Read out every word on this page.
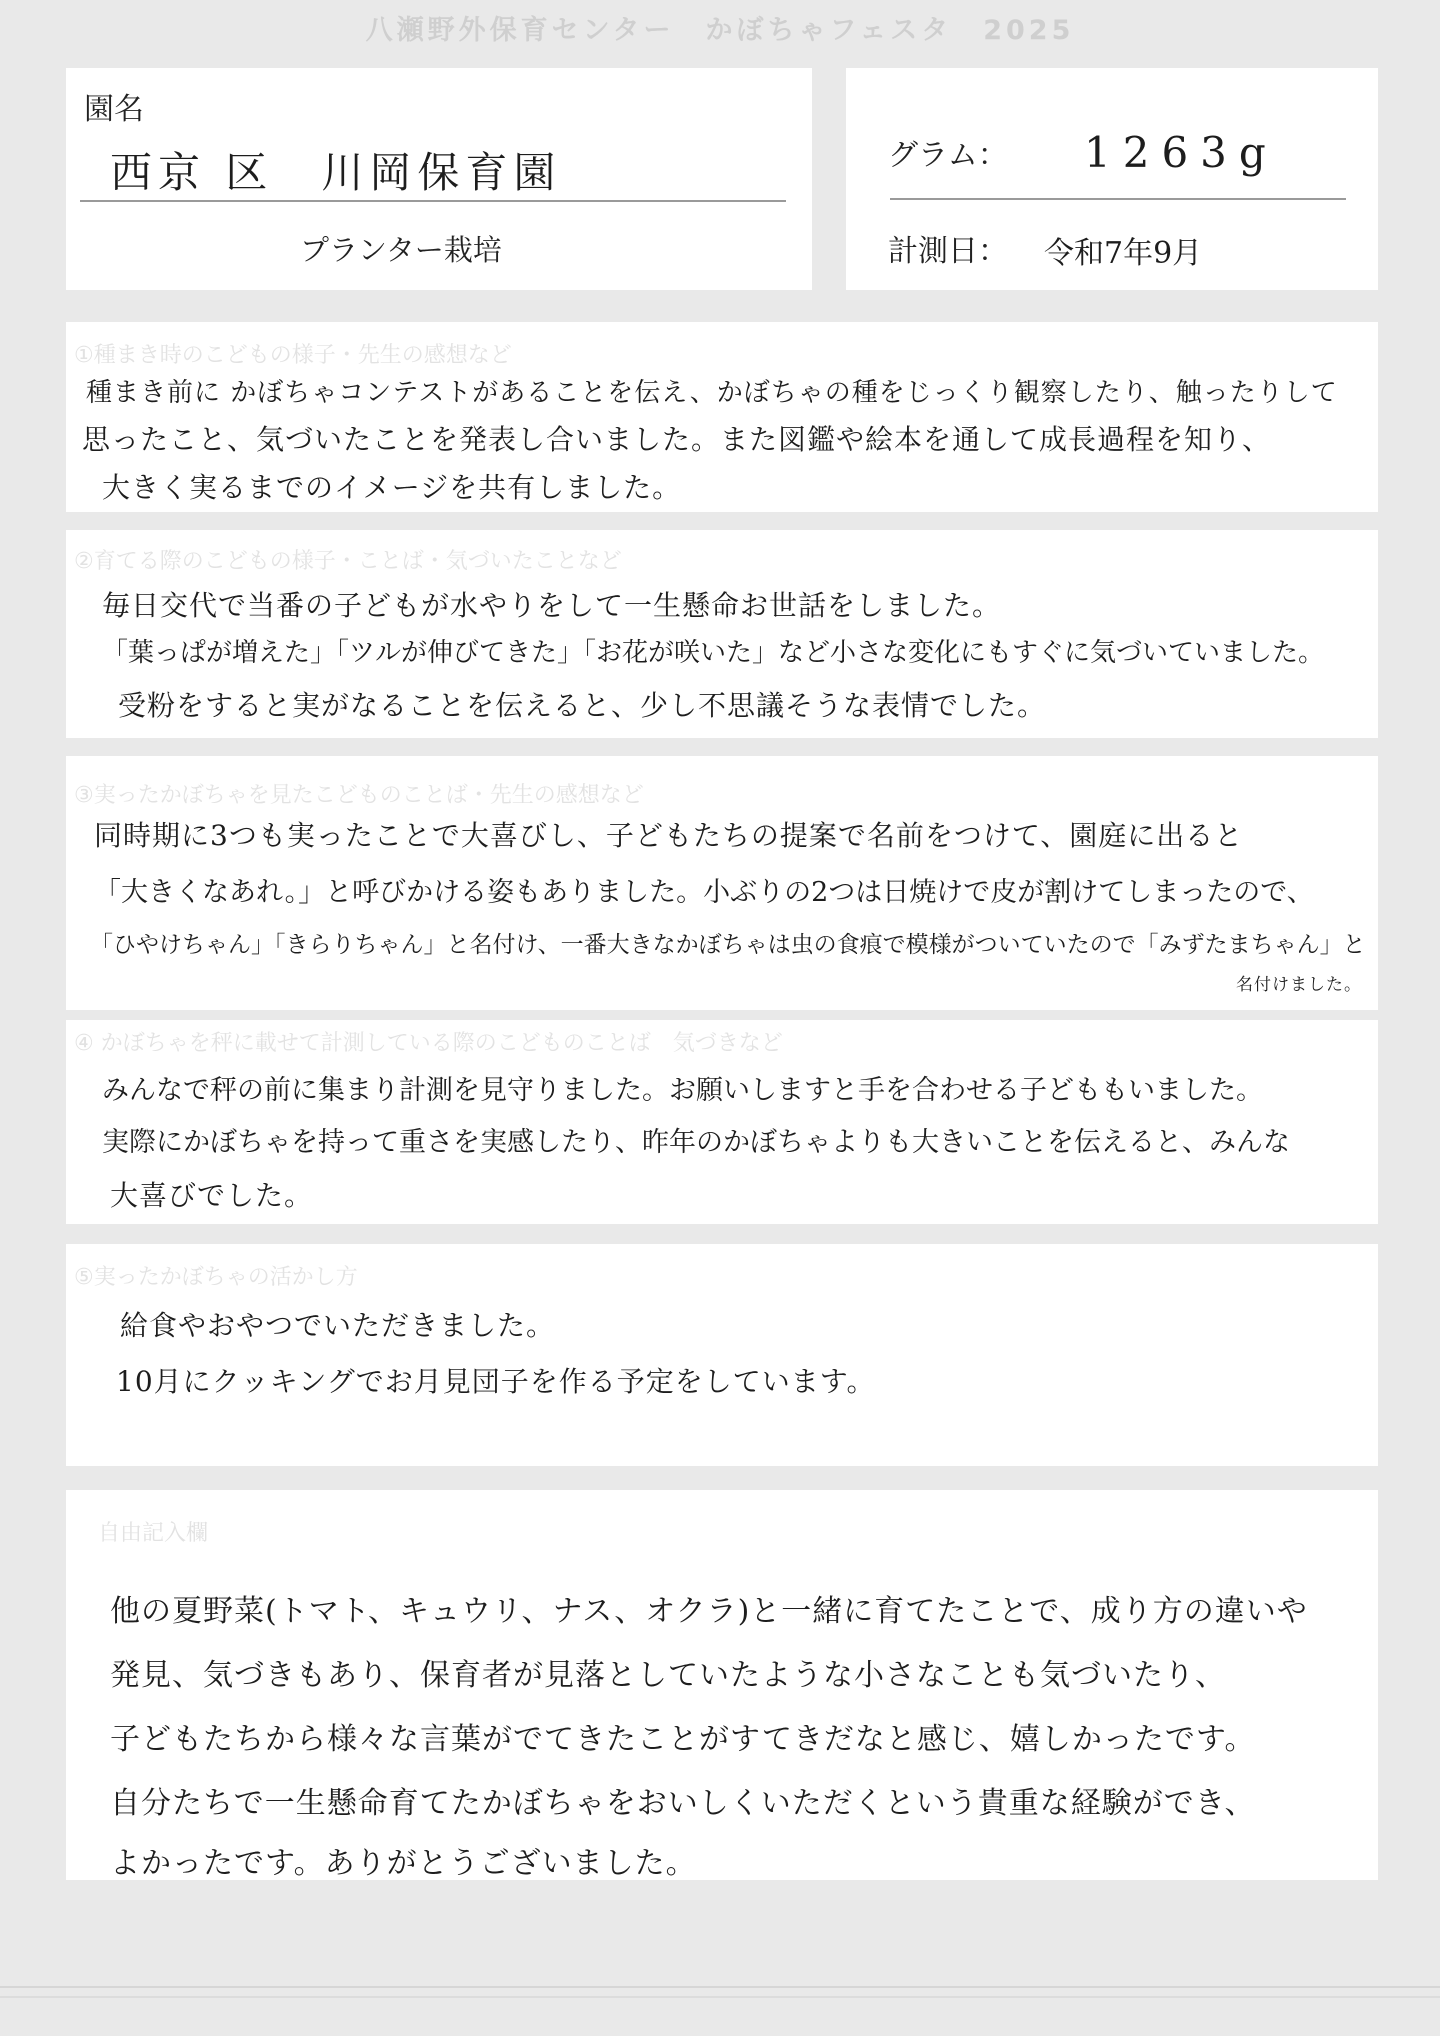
八瀬野外保育センター　かぼちゃフェスタ　2025
園名
西京 区　川岡保育園
プランター栽培
グラム： 1263g
計測日： 令和7年9月
①種まき時のこどもの様子・先生の感想など
種まき前に かぼちゃコンテストがあることを伝え、かぼちゃの種をじっくり観察したり、触ったりして
思ったこと、気づいたことを発表し合いました。また図鑑や絵本を通して成長過程を知り、
大きく実るまでのイメージを共有しました。
②育てる際のこどもの様子・ことば・気づいたことなど
毎日交代で当番の子どもが水やりをして一生懸命お世話をしました。
「葉っぱが増えた」「ツルが伸びてきた」「お花が咲いた」など小さな変化にもすぐに気づいていました。
受粉をすると実がなることを伝えると、少し不思議そうな表情でした。
③実ったかぼちゃを見たこどものことば・先生の感想など
同時期に3つも実ったことで大喜びし、子どもたちの提案で名前をつけて、園庭に出ると
「大きくなあれ。」と呼びかける姿もありました。小ぶりの2つは日焼けで皮が割けてしまったので、
「ひやけちゃん」「きらりちゃん」と名付け、一番大きなかぼちゃは虫の食痕で模様がついていたので「みずたまちゃん」と
名付けました。
④ かぼちゃを秤に載せて計測している際のこどものことば　気づきなど
みんなで秤の前に集まり計測を見守りました。お願いしますと手を合わせる子どももいました。
実際にかぼちゃを持って重さを実感したり、昨年のかぼちゃよりも大きいことを伝えると、みんな
大喜びでした。
⑤実ったかぼちゃの活かし方
給食やおやつでいただきました。
10月にクッキングでお月見団子を作る予定をしています。
自由記入欄
他の夏野菜(トマト、キュウリ、ナス、オクラ)と一緒に育てたことで、成り方の違いや
発見、気づきもあり、保育者が見落としていたような小さなことも気づいたり、
子どもたちから様々な言葉がでてきたことがすてきだなと感じ、嬉しかったです。
自分たちで一生懸命育てたかぼちゃをおいしくいただくという貴重な経験ができ、
よかったです。ありがとうございました。
